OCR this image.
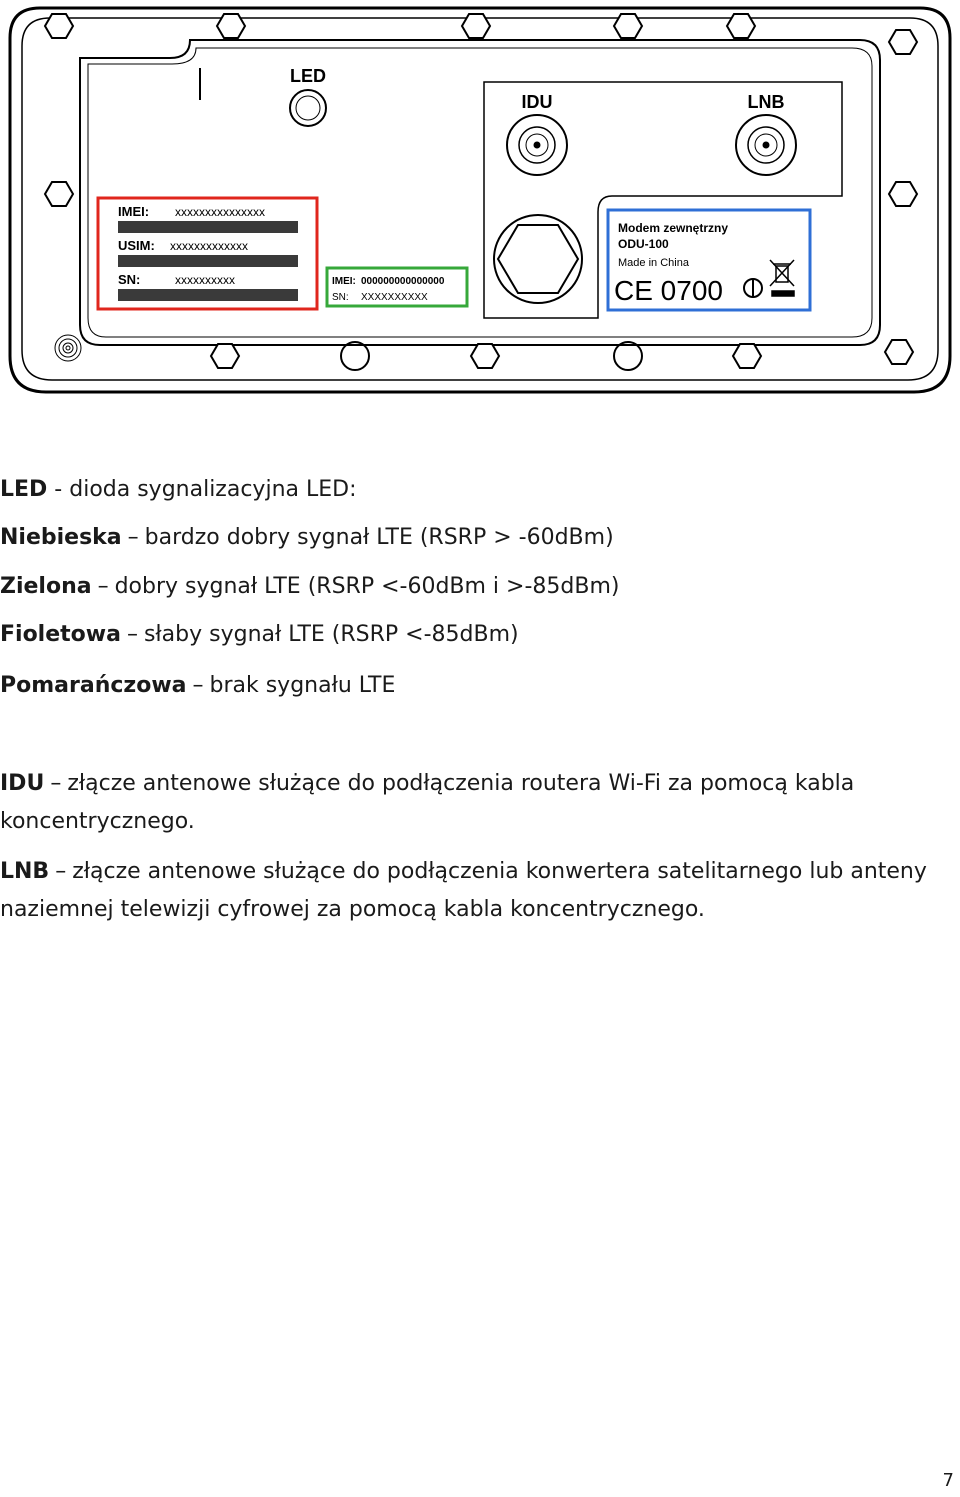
LED
IDU	LNB
IMEI: xxxxxxxxxxxxxxx
USIM: xxxxxxxxxxxxx
SN:	xxxxxxxxxx	IMEI: 000000000000000
SN: XXXXXXXXXX
Modem zewnętrzny
ODU-100
Made in China
CE 0700
LED - dioda sygnalizacyjna LED:
Niebieska – bardzo dobry sygnał LTE (RSRP > -60dBm)
Zielona – dobry sygnał LTE (RSRP <-60dBm i >-85dBm)
Fioletowa – słaby sygnał LTE (RSRP <-85dBm)
Pomarańczowa – brak sygnału LTE
IDU – złącze antenowe służące do podłączenia routera Wi-Fi za pomocą kabla koncentrycznego.
LNB – złącze antenowe służące do podłączenia konwertera satelitarnego lub anteny naziemnej telewizji cyfrowej za pomocą kabla koncentrycznego.
7
